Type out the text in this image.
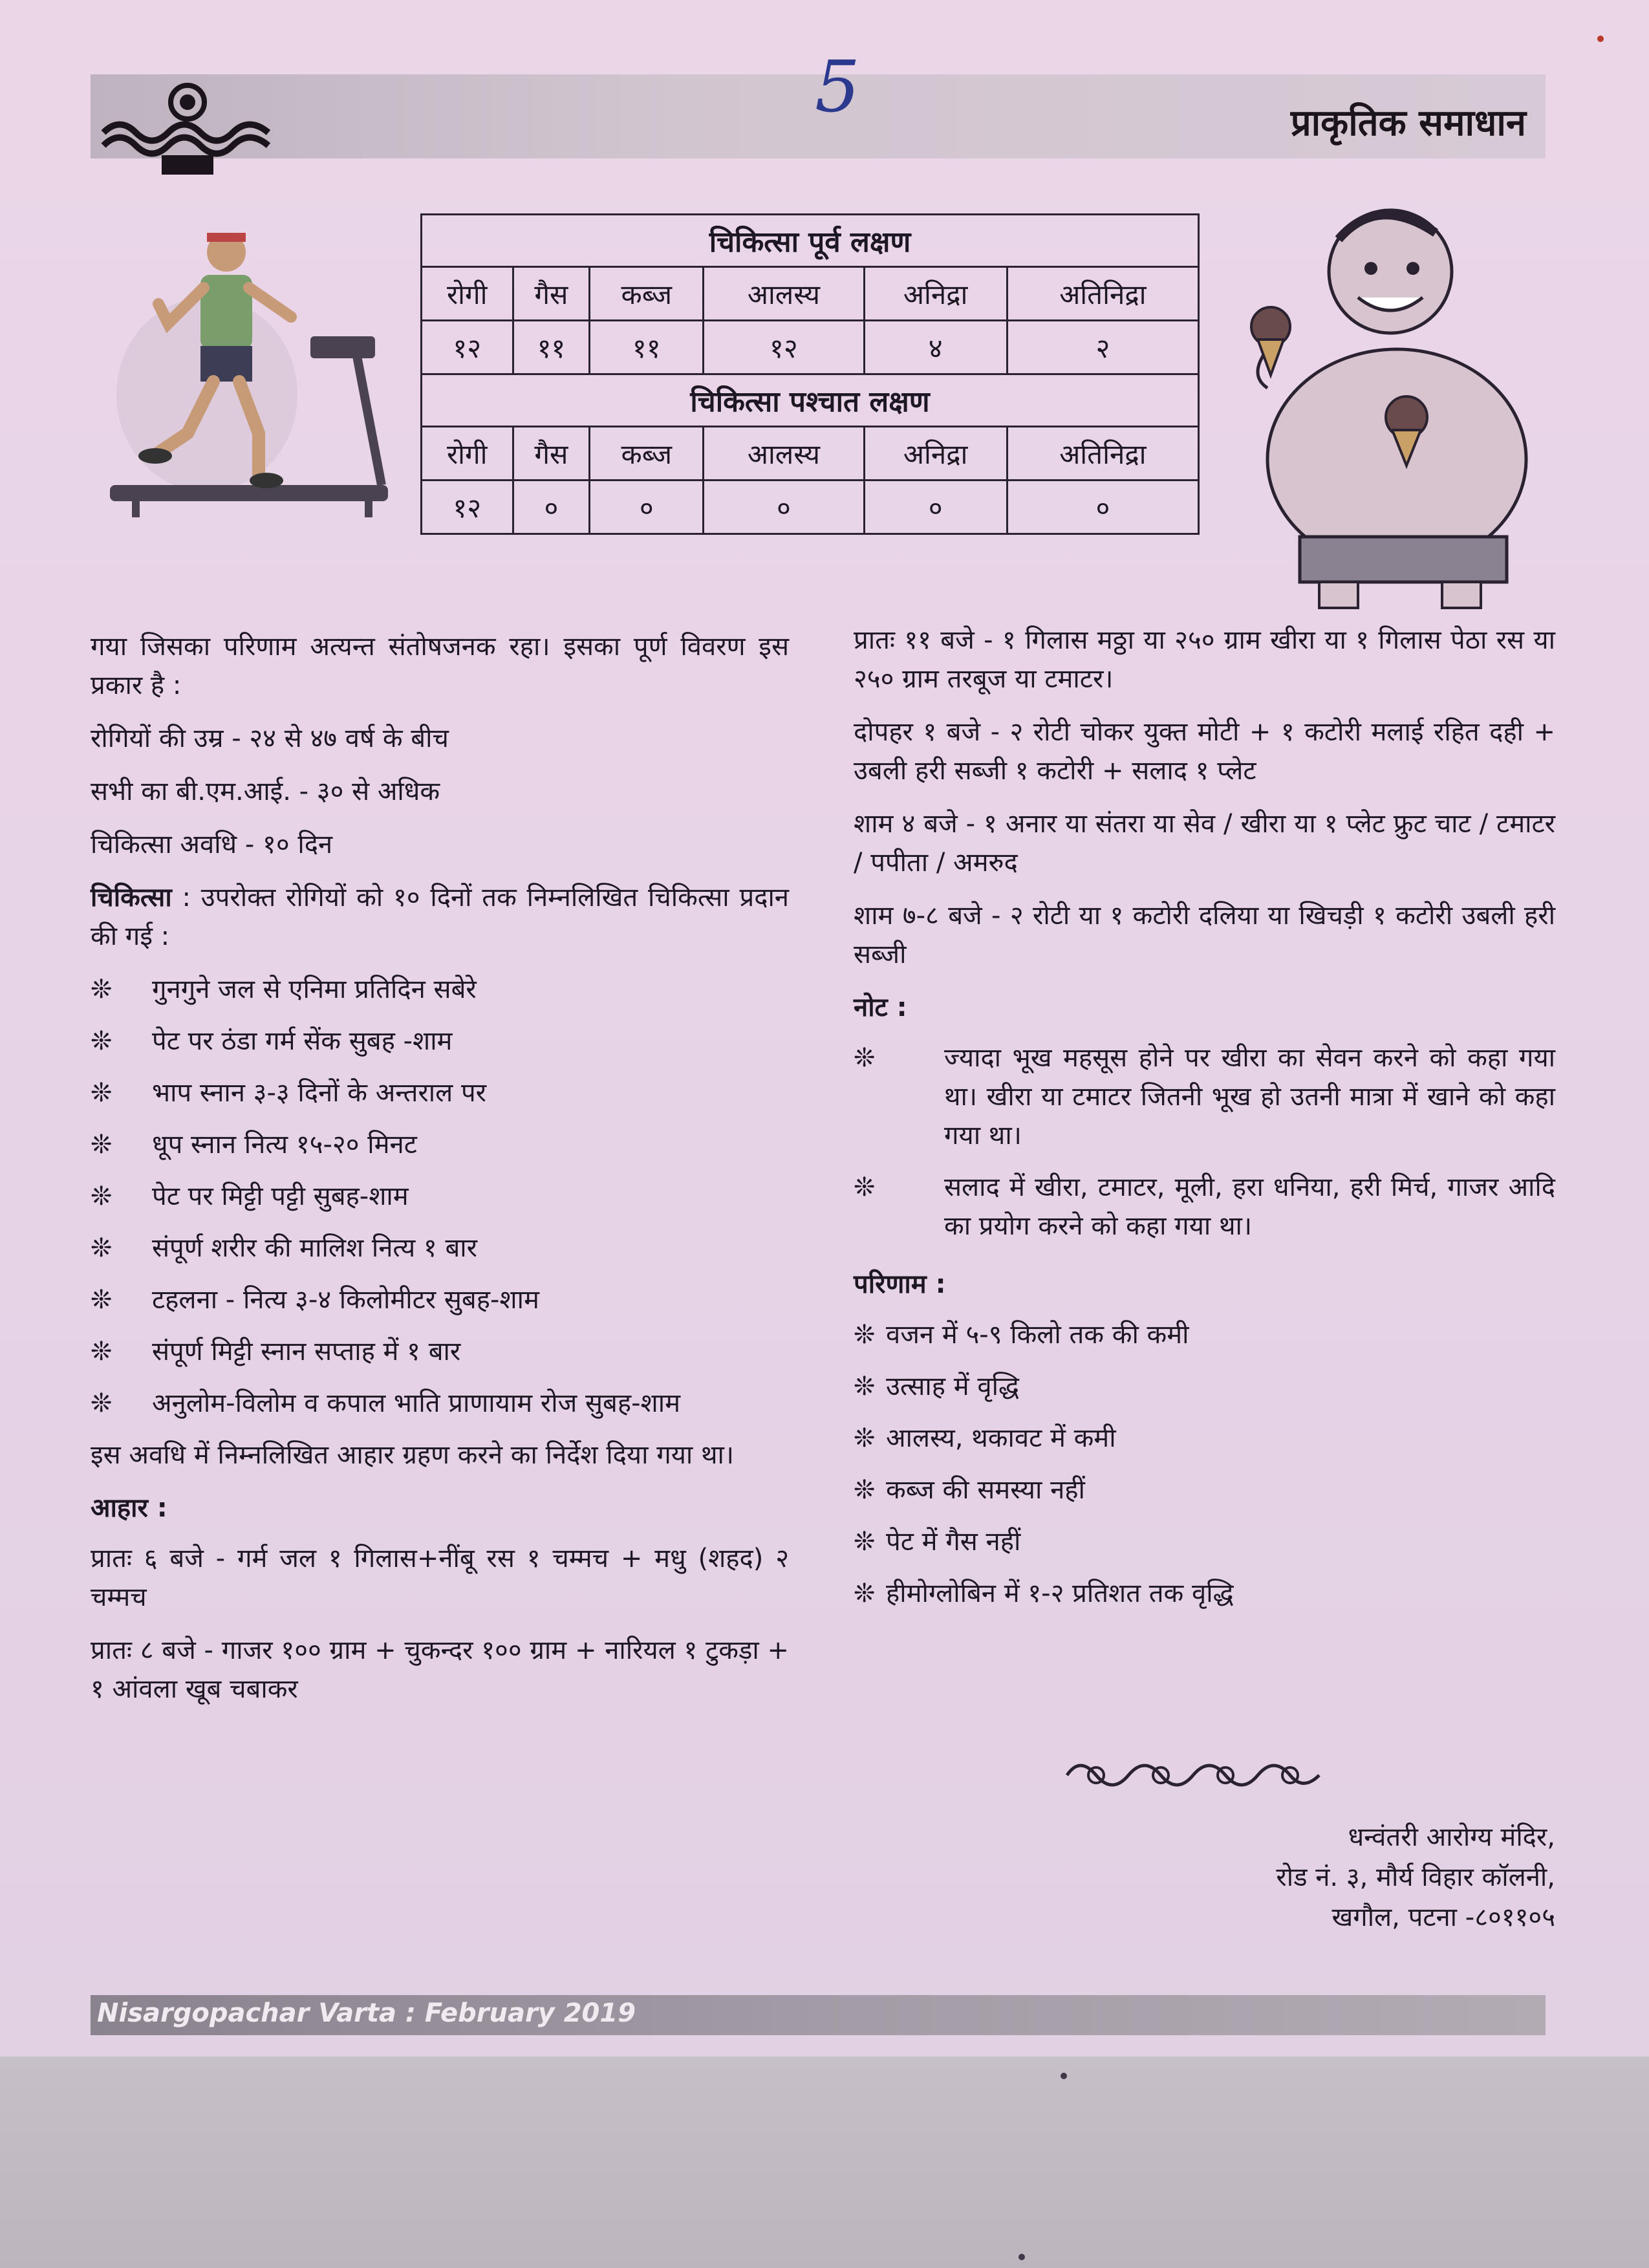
5	प्राकृतिक समाधान
चिकित्सा पूर्व लक्षण					
रोगी	गैस	कब्ज	आलस्य	अनिद्रा	अतिनिद्रा
१२	११	११	१२	४	२
चिकित्सा पश्चात लक्षण					
रोगी	गैस	कब्ज	आलस्य	अनिद्रा	अतिनिद्रा
१२	०	०	०	०	०
गया जिसका परिणाम अत्यन्त संतोषजनक रहा। इसका पूर्ण विवरण इस प्रकार है :
रोगियों की उम्र - २४ से ४७ वर्ष के बीच
सभी का बी.एम.आई. - ३० से अधिक
चिकित्सा अवधि - १० दिन
चिकित्सा : उपरोक्त रोगियों को १० दिनों तक निम्नलिखित चिकित्सा प्रदान की गई :
❊	गुनगुने जल से एनिमा प्रतिदिन सबेरे
❊	पेट पर ठंडा गर्म सेंक सुबह -शाम
❊	भाप स्नान ३-३ दिनों के अन्तराल पर
❊	धूप स्नान नित्य १५-२० मिनट
❊	पेट पर मिट्टी पट्टी सुबह-शाम
❊	संपूर्ण शरीर की मालिश नित्य १ बार
❊	टहलना - नित्य ३-४ किलोमीटर सुबह-शाम
❊	संपूर्ण मिट्टी स्नान सप्ताह में १ बार
❊	अनुलोम-विलोम व कपाल भाति प्राणायाम रोज सुबह-शाम
इस अवधि में निम्नलिखित आहार ग्रहण करने का निर्देश दिया गया था।
आहार :
प्रातः ६ बजे - गर्म जल १ गिलास+नींबू रस १ चम्मच + मधु (शहद) २ चम्मच
प्रातः ८ बजे - गाजर १०० ग्राम + चुकन्दर १०० ग्राम + नारियल १ टुकड़ा + १ आंवला खूब चबाकर
प्रातः ११ बजे - १ गिलास मठ्ठा या २५० ग्राम खीरा या १ गिलास पेठा रस या २५० ग्राम तरबूज या टमाटर।
दोपहर १ बजे - २ रोटी चोकर युक्त मोटी + १ कटोरी मलाई रहित दही + उबली हरी सब्जी १ कटोरी + सलाद १ प्लेट
शाम ४ बजे - १ अनार या संतरा या सेव / खीरा या १ प्लेट फ्रुट चाट / टमाटर / पपीता / अमरुद
शाम ७-८ बजे - २ रोटी या १ कटोरी दलिया या खिचड़ी १ कटोरी उबली हरी सब्जी
नोट :
❊	ज्यादा भूख महसूस होने पर खीरा का सेवन करने को कहा गया था। खीरा या टमाटर जितनी भूख हो उतनी मात्रा में खाने को कहा गया था।
❊	सलाद में खीरा, टमाटर, मूली, हरा धनिया, हरी मिर्च, गाजर आदि का प्रयोग करने को कहा गया था।
परिणाम :
❊ वजन में ५-९ किलो तक की कमी
❊ उत्साह में वृद्धि
❊ आलस्य, थकावट में कमी
❊ कब्ज की समस्या नहीं
❊ पेट में गैस नहीं
❊ हीमोग्लोबिन में १-२ प्रतिशत तक वृद्धि
धन्वंतरी आरोग्य मंदिर,
रोड नं. ३, मौर्य विहार कॉलनी,
खगौल, पटना -८०११०५
Nisargopachar Varta : February 2019
